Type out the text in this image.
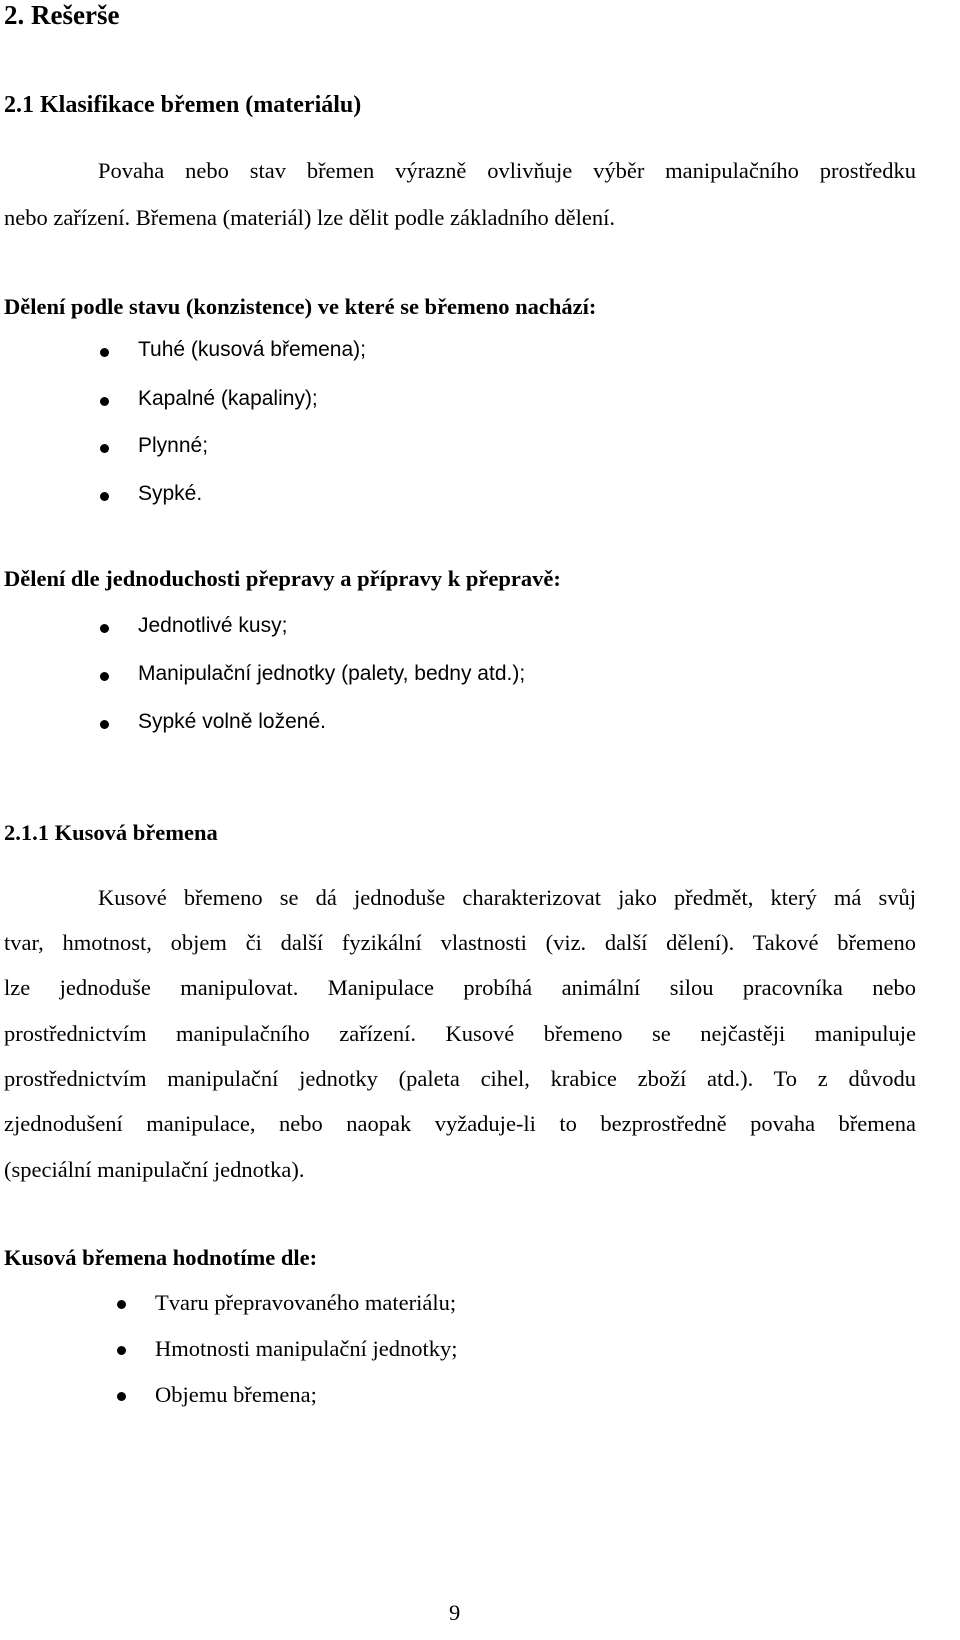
2. Rešerše
2.1 Klasifikace břemen (materiálu)
Povaha nebo stav břemen výrazně ovlivňuje výběr manipulačního prostředku
nebo zařízení. Břemena (materiál) lze dělit podle základního dělení.
Dělení podle stavu (konzistence) ve které se břemeno nachází:
Tuhé (kusová břemena);
Kapalné (kapaliny);
Plynné;
Sypké.
Dělení dle jednoduchosti přepravy a přípravy k přepravě:
Jednotlivé kusy;
Manipulační jednotky (palety, bedny atd.);
Sypké volně ložené.
2.1.1 Kusová břemena
Kusové břemeno se dá jednoduše charakterizovat jako předmět, který má svůj
tvar, hmotnost, objem či další fyzikální vlastnosti (viz. další dělení). Takové břemeno
lze jednoduše manipulovat. Manipulace probíhá animální silou pracovníka nebo
prostřednictvím manipulačního zařízení. Kusové břemeno se nejčastěji manipuluje
prostřednictvím manipulační jednotky (paleta cihel, krabice zboží atd.). To z důvodu
zjednodušení manipulace, nebo naopak vyžaduje-li to bezprostředně povaha břemena
(speciální manipulační jednotka).
Kusová břemena hodnotíme dle:
Tvaru přepravovaného materiálu;
Hmotnosti manipulační jednotky;
Objemu břemena;
9
